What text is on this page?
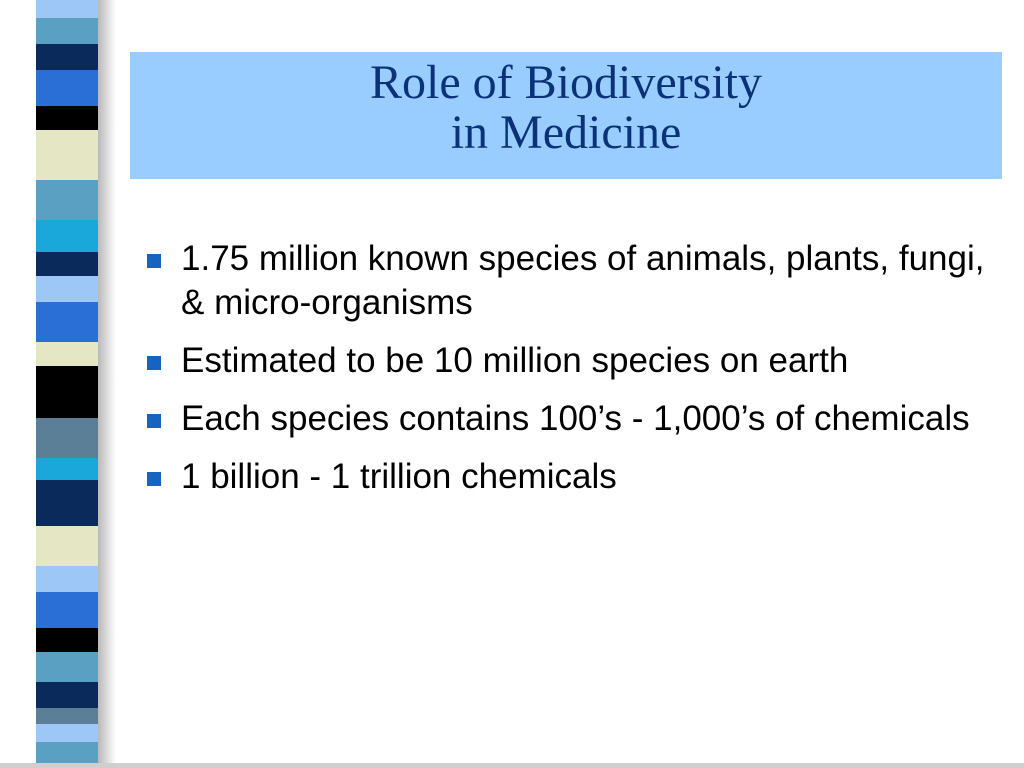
Role of Biodiversity
in Medicine
1.75 million known species of animals, plants, fungi, & micro-organisms
Estimated to be 10 million species on earth
Each species contains 100’s - 1,000’s of chemicals
1 billion - 1 trillion chemicals
